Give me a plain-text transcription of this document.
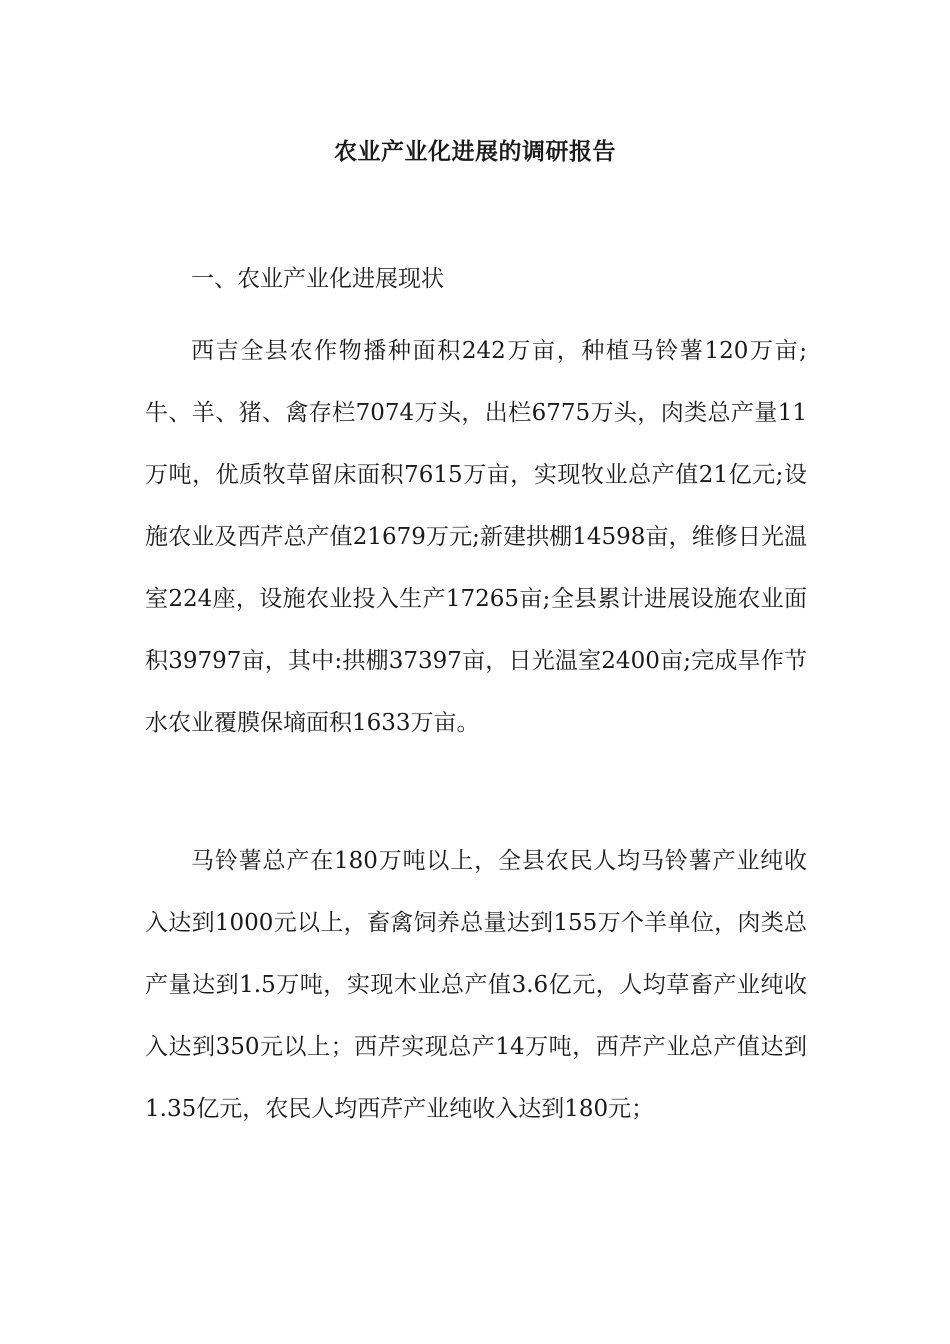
农业产业化进展的调研报告

一、农业产业化进展现状

西吉全县农作物播种面积242万亩，种植马铃薯120万亩;牛、羊、猪、禽存栏7074万头，出栏6775万头，肉类总产量11万吨，优质牧草留床面积7615万亩，实现牧业总产值21亿元;设施农业及西芹总产值21679万元;新建拱棚14598亩，维修日光温室224座，设施农业投入生产17265亩;全县累计进展设施农业面积39797亩，其中:拱棚37397亩，日光温室2400亩;完成旱作节水农业覆膜保墒面积1633万亩。

马铃薯总产在180万吨以上，全县农民人均马铃薯产业纯收入达到1000元以上，畜禽饲养总量达到155万个羊单位，肉类总产量达到1.5万吨，实现木业总产值3.6亿元，人均草畜产业纯收入达到350元以上；西芹实现总产14万吨，西芹产业总产值达到1.35亿元，农民人均西芹产业纯收入达到180元；
